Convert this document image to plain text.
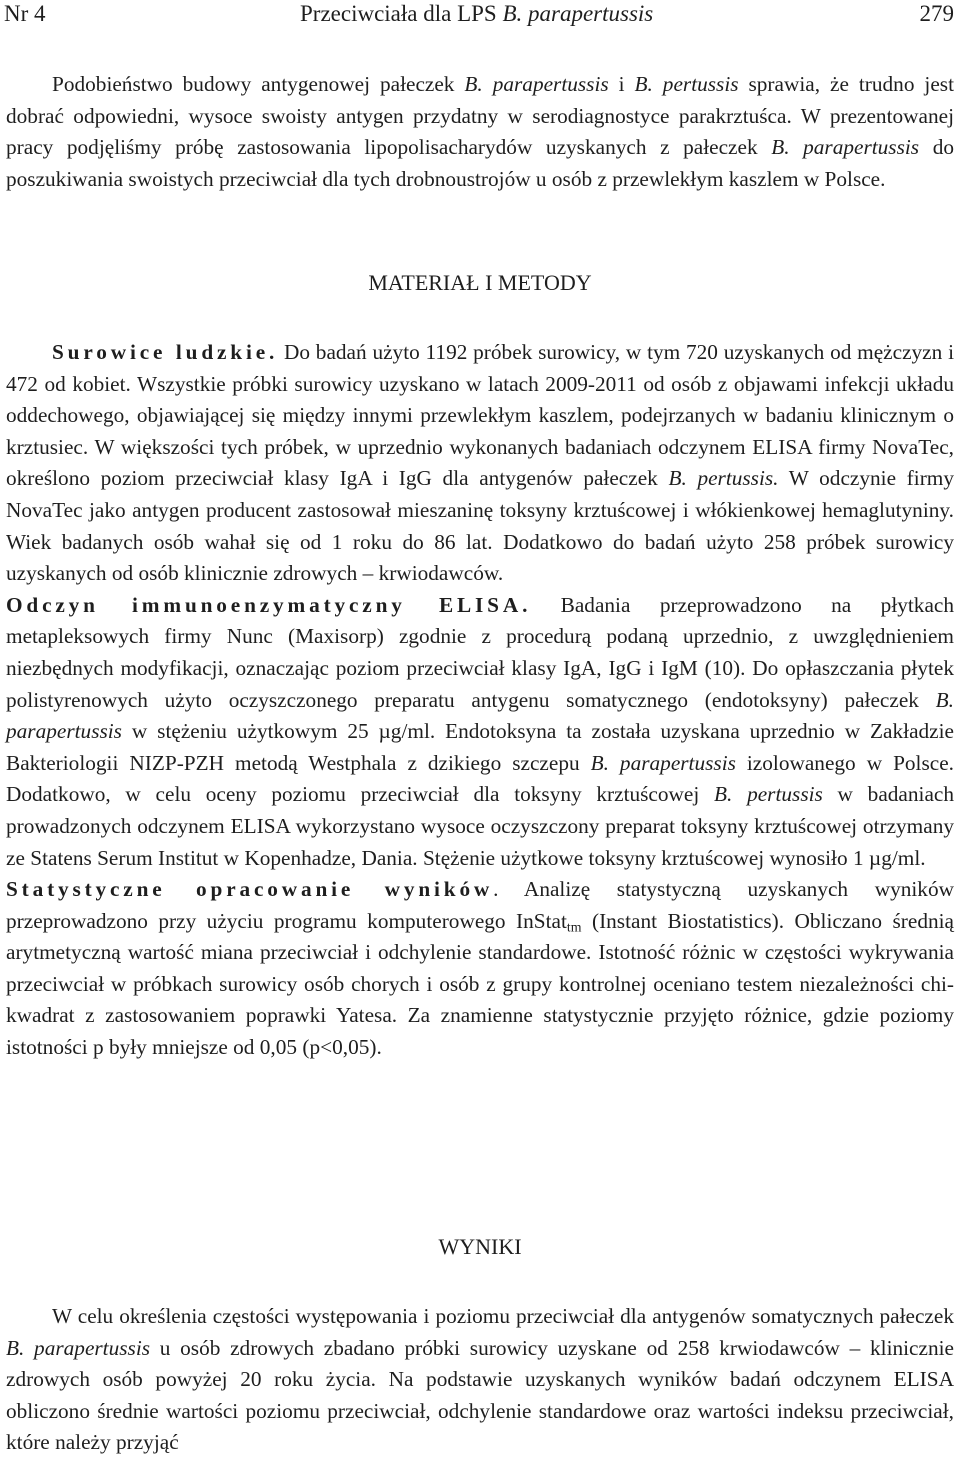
Nr 4	Przeciwciała dla LPS B. parapertussis	279

Podobieństwo budowy antygenowej pałeczek B. parapertussis i B. pertussis sprawia, że trudno jest dobrać odpowiedni, wysoce swoisty antygen przydatny w serodiagnostyce parakrztuśca. W prezentowanej pracy podjęliśmy próbę zastosowania lipopolisacharydów uzyskanych z pałeczek B. parapertussis do poszukiwania swoistych przeciwciał dla tych drobnoustrojów u osób z przewlekłym kaszlem w Polsce.

MATERIAŁ I METODY

Surowice ludzkie. Do badań użyto 1192 próbek surowicy, w tym 720 uzyskanych od mężczyzn i 472 od kobiet. Wszystkie próbki surowicy uzyskano w latach 2009-2011 od osób z objawami infekcji układu oddechowego, objawiającej się między innymi przewlekłym kaszlem, podejrzanych w badaniu klinicznym o krztusiec. W większości tych próbek, w uprzednio wykonanych badaniach odczynem ELISA firmy NovaTec, określono poziom przeciwciał klasy IgA i IgG dla antygenów pałeczek B. pertussis. W odczynie firmy NovaTec jako antygen producent zastosował mieszaninę toksyny krztuścowej i włókienkowej hemaglutyniny. Wiek badanych osób wahał się od 1 roku do 86 lat. Dodatkowo do badań użyto 258 próbek surowicy uzyskanych od osób klinicznie zdrowych – krwiodawców.
Odczyn immunoenzymatyczny ELISA. Badania przeprowadzono na płytkach metapleksowych firmy Nunc (Maxisorp) zgodnie z procedurą podaną uprzednio, z uwzględnieniem niezbędnych modyfikacji, oznaczając poziom przeciwciał klasy IgA, IgG i IgM (10). Do opłaszczania płytek polistyrenowych użyto oczyszczonego preparatu antygenu somatycznego (endotoksyny) pałeczek B. parapertussis w stężeniu użytkowym 25 µg/ml. Endotoksyna ta została uzyskana uprzednio w Zakładzie Bakteriologii NIZP-PZH metodą Westphala z dzikiego szczepu B. parapertussis izolowanego w Polsce. Dodatkowo, w celu oceny poziomu przeciwciał dla toksyny krztuścowej B. pertussis w badaniach prowadzonych odczynem ELISA wykorzystano wysoce oczyszczony preparat toksyny krztuścowej otrzymany ze Statens Serum Institut w Kopenhadze, Dania. Stężenie użytkowe toksyny krztuścowej wynosiło 1 µg/ml.
Statystyczne opracowanie wyników. Analizę statystyczną uzyskanych wyników przeprowadzono przy użyciu programu komputerowego InStat$_{tm}$ (Instant Biostatistics). Obliczano średnią arytmetyczną wartość miana przeciwciał i odchylenie standardowe. Istotność różnic w częstości wykrywania przeciwciał w próbkach surowicy osób chorych i osób z grupy kontrolnej oceniano testem niezależności chi-kwadrat z zastosowaniem poprawki Yatesa. Za znamienne statystycznie przyjęto różnice, gdzie poziomy istotności p były mniejsze od 0,05 (p<0,05).

WYNIKI

W celu określenia częstości występowania i poziomu przeciwciał dla antygenów somatycznych pałeczek B. parapertussis u osób zdrowych zbadano próbki surowicy uzyskane od 258 krwiodawców – klinicznie zdrowych osób powyżej 20 roku życia. Na podstawie uzyskanych wyników badań odczynem ELISA obliczono średnie wartości poziomu przeciwciał, odchylenie standardowe oraz wartości indeksu przeciwciał, które należy przyjąć
